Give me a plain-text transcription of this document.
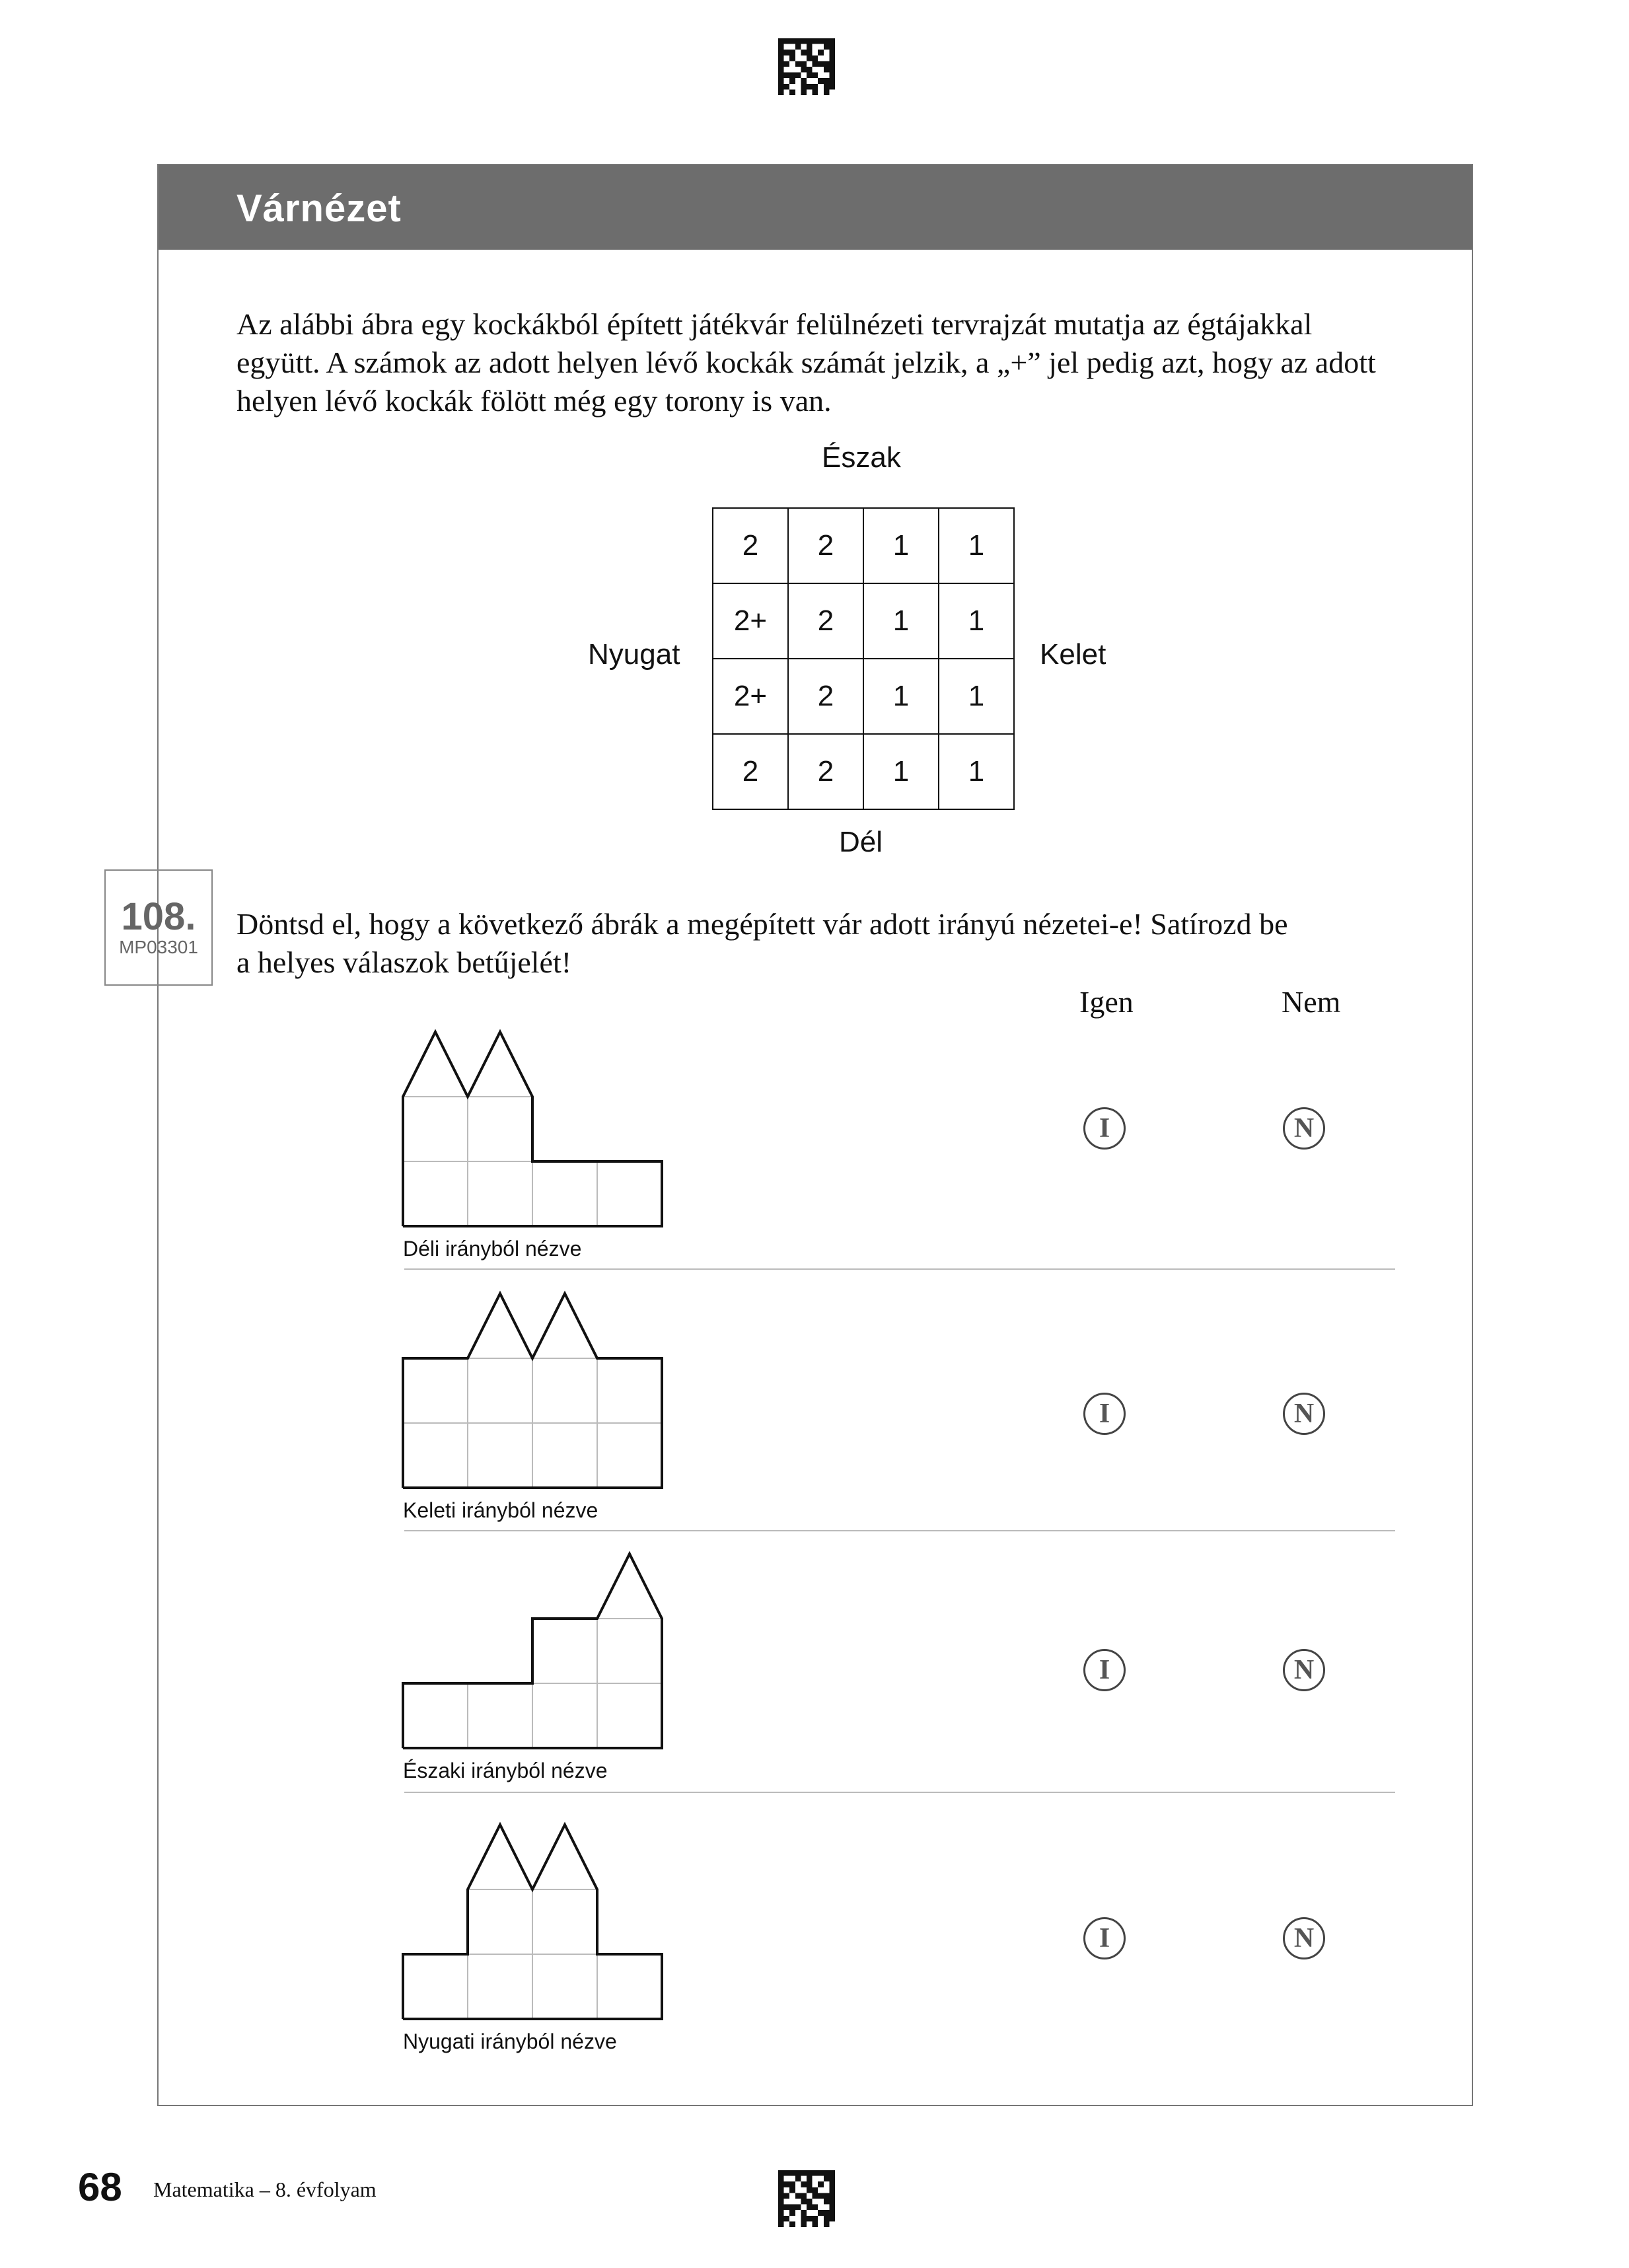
Várnézet

Az alábbi ábra egy kockákból épített játékvár felülnézeti tervrajzát mutatja az égtájakkal

együtt. A számok az adott helyen lévő kockák számát jelzik, a „+” jel pedig azt, hogy az adott

helyen lévő kockák fölött még egy torony is van.

Észak
Dél
Nyugat	Kelet
2	2	1	1
2+	2	1	1
2+	2	1	1
2	2	1	1
108.
MP03301

Döntsd el, hogy a következő ábrák a megépített vár adott irányú nézetei-e! Satírozd be

a helyes válaszok betűjelét!

Igen	Nem
Déli irányból nézve
Keleti irányból nézve
Északi irányból nézve
Nyugati irányból nézve
I	N
I	N
I	N
I	N
68 Matematika – 8. évfolyam
